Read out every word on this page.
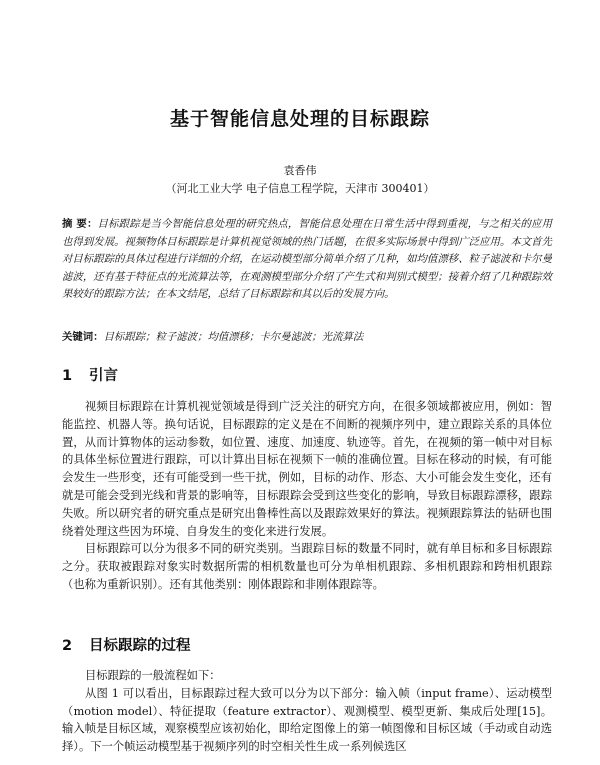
基于智能信息处理的目标跟踪
袁香伟
（河北工业大学 电子信息工程学院，天津市 300401）
摘 要：目标跟踪是当今智能信息处理的研究热点，智能信息处理在日常生活中得到重视，与之相关的应用也得到发展。视频物体目标跟踪是计算机视觉领域的热门话题，在很多实际场景中得到广泛应用。本文首先对目标跟踪的具体过程进行详细的介绍，在运动模型部分简单介绍了几种，如均值漂移、粒子滤波和卡尔曼滤波，还有基于特征点的光流算法等，在观测模型部分介绍了产生式和判别式模型；接着介绍了几种跟踪效果较好的跟踪方法；在本文结尾，总结了目标跟踪和其以后的发展方向。
关键词：目标跟踪；粒子滤波；均值漂移；卡尔曼滤波；光流算法
1 引言

视频目标跟踪在计算机视觉领域是得到广泛关注的研究方向，在很多领域都被应用，例如：智能监控、机器人等。换句话说，目标跟踪的定义是在不间断的视频序列中，建立跟踪关系的具体位置，从而计算物体的运动参数，如位置、速度、加速度、轨迹等。首先，在视频的第一帧中对目标的具体坐标位置进行跟踪，可以计算出目标在视频下一帧的准确位置。目标在移动的时候，有可能会发生一些形变，还有可能受到一些干扰，例如，目标的动作、形态、大小可能会发生变化，还有就是可能会受到光线和背景的影响等，目标跟踪会受到这些变化的影响，导致目标跟踪漂移，跟踪失败。所以研究者的研究重点是研究出鲁棒性高以及跟踪效果好的算法。视频跟踪算法的钻研也围绕着处理这些因为环境、自身发生的变化来进行发展。

目标跟踪可以分为很多不同的研究类别。当跟踪目标的数量不同时，就有单目标和多目标跟踪之分。获取被跟踪对象实时数据所需的相机数量也可分为单相机跟踪、多相机跟踪和跨相机跟踪（也称为重新识别）。还有其他类别：刚体跟踪和非刚体跟踪等。

2 目标跟踪的过程

目标跟踪的一般流程如下：

从图 1 可以看出，目标跟踪过程大致可以分为以下部分：输入帧（input frame）、运动模型（motion model）、特征提取（feature extractor）、观测模型、模型更新、集成后处理[15]。输入帧是目标区域，观察模型应该初始化，即给定图像上的第一帧图像和目标区域（手动或自动选择）。下一个帧运动模型基于视频序列的时空相关性生成一系列候选区
